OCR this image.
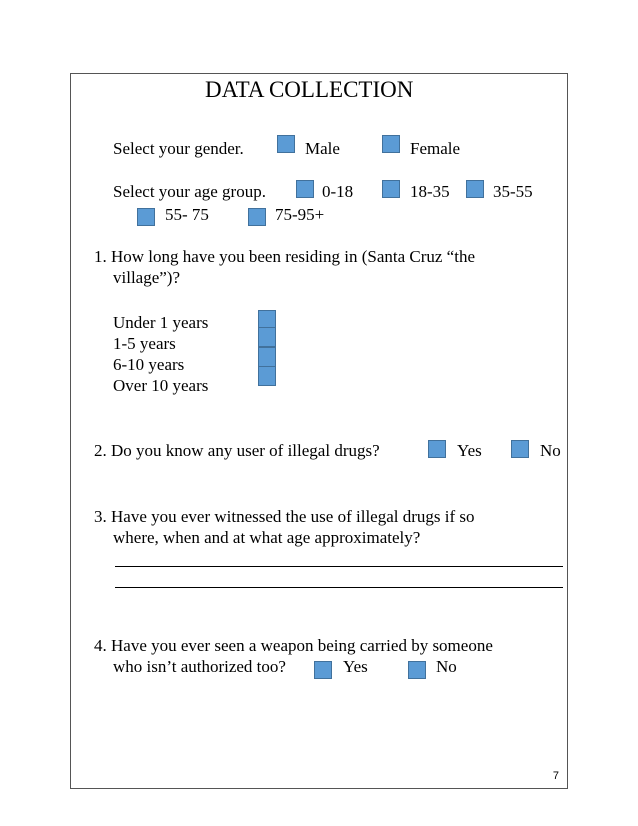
7
DATA COLLECTION
Select your gender.	Male	Female
Select your age group.	0-18	18-35	35-55
55- 75	75-95+
1. How long have you been residing in (Santa Cruz “the
village”)?
Under 1 years
1-5 years
6-10 years
Over 10 years
2. Do you know any user of illegal drugs?	Yes	No
3. Have you ever witnessed the use of illegal drugs if so
where, when and at what age approximately?
4. Have you ever seen a weapon being carried by someone
who isn’t authorized too?	Yes	No
